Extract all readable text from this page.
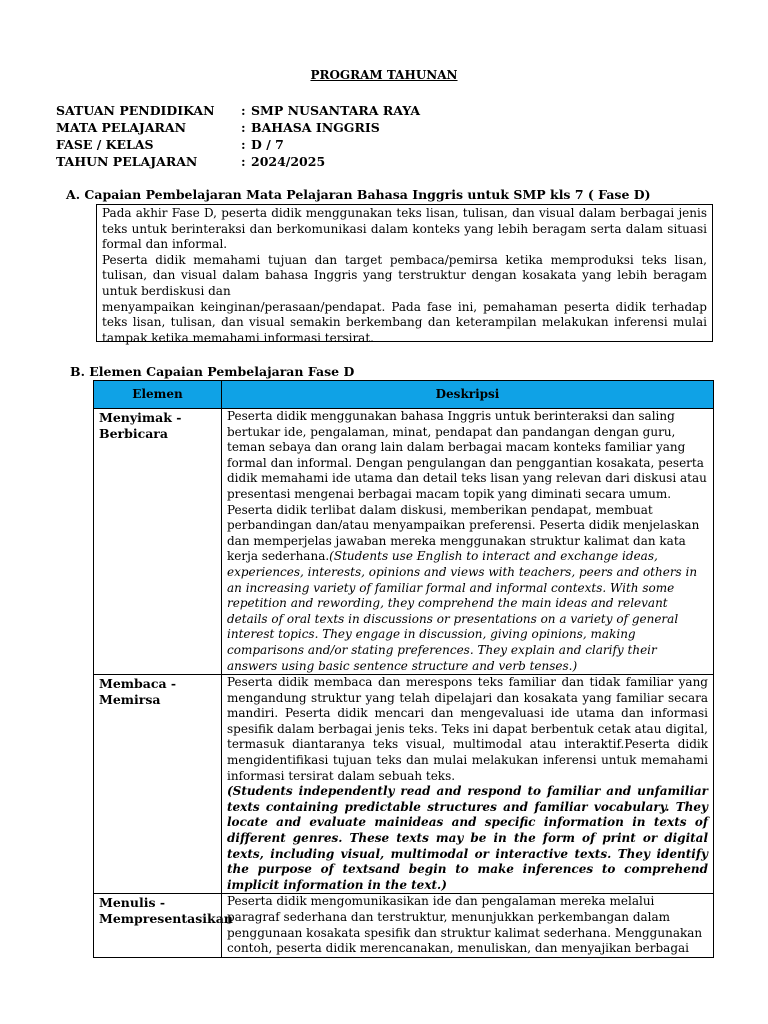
PROGRAM TAHUNAN
SATUAN PENDIDIKAN : SMP NUSANTARA RAYA
MATA PELAJARAN	: BAHASA INGGRIS
FASE / KELAS	: D / 7
TAHUN PELAJARAN	: 2024/2025
A. Capaian Pembelajaran Mata Pelajaran Bahasa Inggris untuk SMP kls 7 ( Fase D)

Pada akhir Fase D, peserta didik menggunakan teks lisan, tulisan, dan visual dalam berbagai jenis teks untuk berinteraksi dan berkomunikasi dalam konteks yang lebih beragam serta dalam situasi formal dan informal.

Peserta didik memahami tujuan dan target pembaca/pemirsa ketika memproduksi teks lisan, tulisan, dan visual dalam bahasa Inggris yang terstruktur dengan kosakata yang lebih beragam untuk berdiskusi dan

menyampaikan keinginan/perasaan/pendapat. Pada fase ini, pemahaman peserta didik terhadap teks lisan, tulisan, dan visual semakin berkembang dan keterampilan melakukan inferensi mulai tampak ketika memahami informasi tersirat.

B. Elemen Capaian Pembelajaran Fase D
Elemen	Deskripsi

Menyimak - Berbicara	Peserta didik menggunakan bahasa Inggris untuk berinteraksi dan saling bertukar ide, pengalaman, minat, pendapat dan pandangan dengan guru, teman sebaya dan orang lain dalam berbagai macam konteks familiar yang formal dan informal. Dengan pengulangan dan penggantian kosakata, peserta didik memahami ide utama dan detail teks lisan yang relevan dari diskusi atau presentasi mengenai berbagai macam topik yang diminati secara umum. Peserta didik terlibat dalam diskusi, memberikan pendapat, membuat perbandingan dan/atau menyampaikan preferensi. Peserta didik menjelaskan dan memperjelas jawaban mereka menggunakan struktur kalimat dan kata kerja sederhana.(Students use English to interact and exchange ideas, experiences, interests, opinions and views with teachers, peers and others in an increasing variety of familiar formal and informal contexts. With some repetition and rewording, they comprehend the main ideas and relevant details of oral texts in discussions or presentations on a variety of general interest topics. They engage in discussion, giving opinions, making comparisons and/or stating preferences. They explain and clarify their answers using basic sentence structure and verb tenses.)

Membaca - Memirsa	Peserta didik membaca dan merespons teks familiar dan tidak familiar yang mengandung struktur yang telah dipelajari dan kosakata yang familiar secara mandiri. Peserta didik mencari dan mengevaluasi ide utama dan informasi spesifik dalam berbagai jenis teks. Teks ini dapat berbentuk cetak atau digital, termasuk diantaranya teks visual, multimodal atau interaktif.Peserta didik mengidentifikasi tujuan teks dan mulai melakukan inferensi untuk memahami informasi tersirat dalam sebuah teks.
(Students independently read and respond to familiar and unfamiliar texts containing predictable structures and familiar vocabulary. They locate and evaluate mainideas and specific information in texts of different genres. These texts may be in the form of print or digital texts, including visual, multimodal or interactive texts. They identify the purpose of textsand begin to make inferences to comprehend implicit information in the text.)

Menulis - Mempresentasikan	Peserta didik mengomunikasikan ide dan pengalaman mereka melalui paragraf sederhana dan terstruktur, menunjukkan perkembangan dalam penggunaan kosakata spesifik dan struktur kalimat sederhana. Menggunakan contoh, peserta didik merencanakan, menuliskan, dan menyajikan berbagai
